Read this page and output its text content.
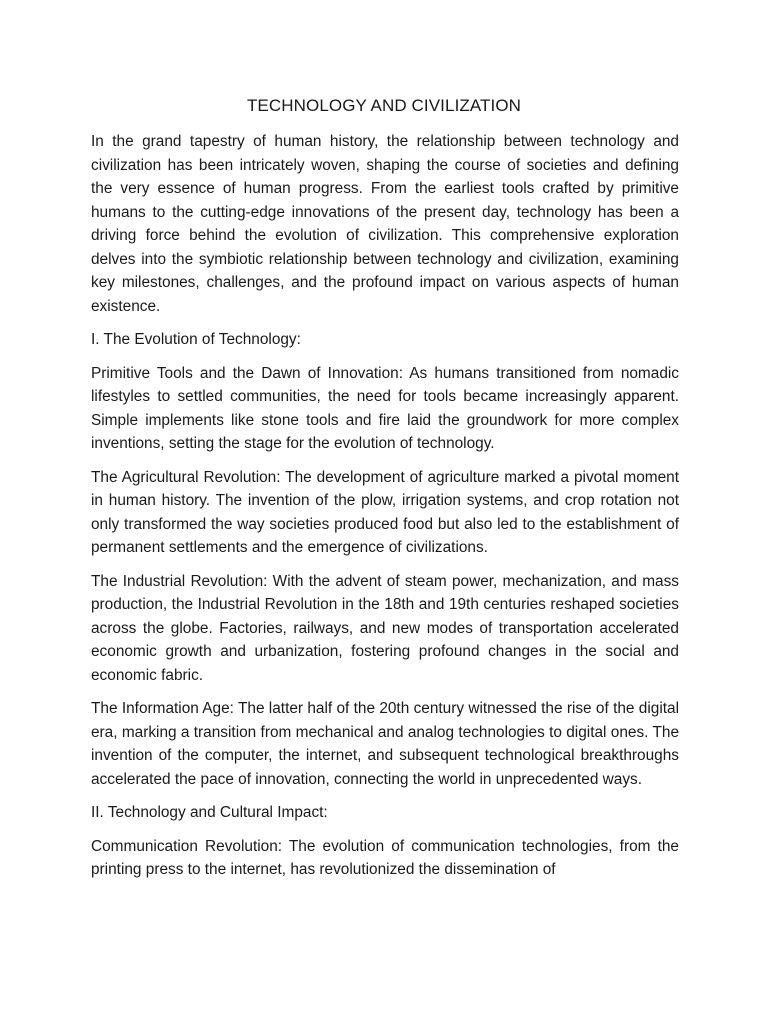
TECHNOLOGY AND CIVILIZATION

In the grand tapestry of human history, the relationship between technology and civilization has been intricately woven, shaping the course of societies and defining the very essence of human progress. From the earliest tools crafted by primitive humans to the cutting-edge innovations of the present day, technology has been a driving force behind the evolution of civilization. This comprehensive exploration delves into the symbiotic relationship between technology and civilization, examining key milestones, challenges, and the profound impact on various aspects of human existence.

I. The Evolution of Technology:

Primitive Tools and the Dawn of Innovation: As humans transitioned from nomadic lifestyles to settled communities, the need for tools became increasingly apparent. Simple implements like stone tools and fire laid the groundwork for more complex inventions, setting the stage for the evolution of technology.

The Agricultural Revolution: The development of agriculture marked a pivotal moment in human history. The invention of the plow, irrigation systems, and crop rotation not only transformed the way societies produced food but also led to the establishment of permanent settlements and the emergence of civilizations.

The Industrial Revolution: With the advent of steam power, mechanization, and mass production, the Industrial Revolution in the 18th and 19th centuries reshaped societies across the globe. Factories, railways, and new modes of transportation accelerated economic growth and urbanization, fostering profound changes in the social and economic fabric.

The Information Age: The latter half of the 20th century witnessed the rise of the digital era, marking a transition from mechanical and analog technologies to digital ones. The invention of the computer, the internet, and subsequent technological breakthroughs accelerated the pace of innovation, connecting the world in unprecedented ways.

II. Technology and Cultural Impact:

Communication Revolution: The evolution of communication technologies, from the printing press to the internet, has revolutionized the dissemination of
